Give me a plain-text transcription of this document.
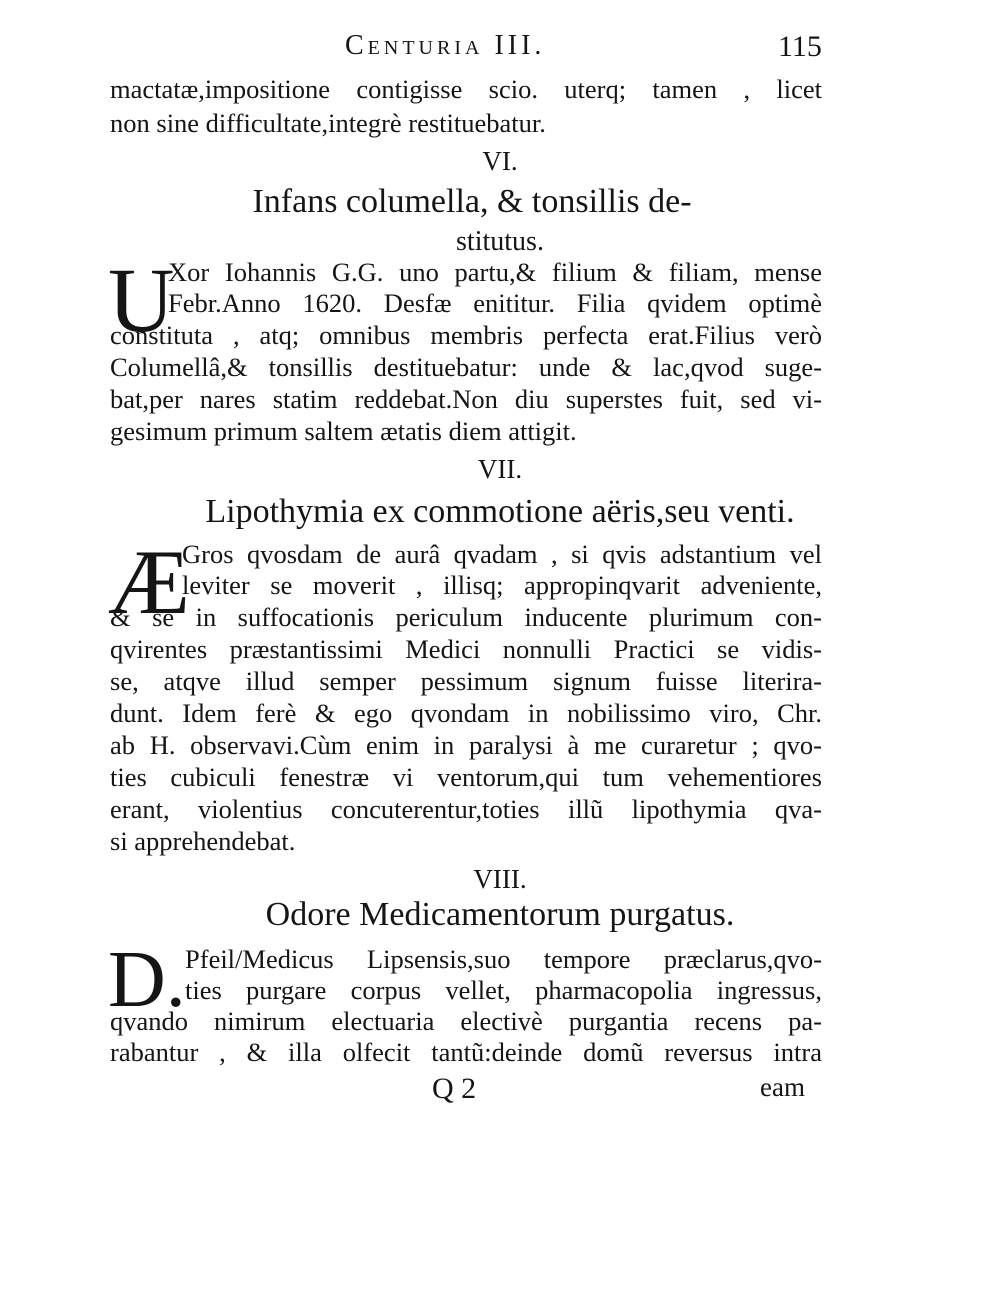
Centuria III.	115
mactatæ,impositione contigisse scio. uterq; tamen , licet
non sine difficultate,integrè restituebatur.
VI.
Infans columella, & tonsillis de-
stitutus.
U
Xor Iohannis G.G. uno partu,& filium & filiam, mense
Febr.Anno 1620. Desfæ enititur. Filia qvidem optimè
constituta , atq; omnibus membris perfecta erat.Filius verò
Columellâ,& tonsillis destituebatur: unde & lac,qvod suge-
bat,per nares statim reddebat.Non diu superstes fuit, sed vi-
gesimum primum saltem ætatis diem attigit.
VII.
Lipothymia ex commotione aëris,seu venti.
Æ
Gros qvosdam de aurâ qvadam , si qvis adstantium vel
leviter se moverit , illisq; appropinqvarit adveniente,
& se in suffocationis periculum inducente plurimum con-
qvirentes præstantissimi Medici nonnulli Practici se vidis-
se, atqve illud semper pessimum signum fuisse literira-
dunt. Idem ferè & ego qvondam in nobilissimo viro, Chr.
ab H. observavi.Cùm enim in paralysi à me curaretur ; qvo-
ties cubiculi fenestræ vi ventorum,qui tum vehementiores
erant, violentius concuterentur,toties illũ lipothymia qva-
si apprehendebat.
VIII.
Odore Medicamentorum purgatus.
D. Pfeil/Medicus Lipsensis,suo tempore præclarus,qvo-
ties purgare corpus vellet, pharmacopolia ingressus,
qvando nimirum electuaria electivè purgantia recens pa-
rabantur , & illa olfecit tantũ:deinde domũ reversus intra
Q 2	eam
